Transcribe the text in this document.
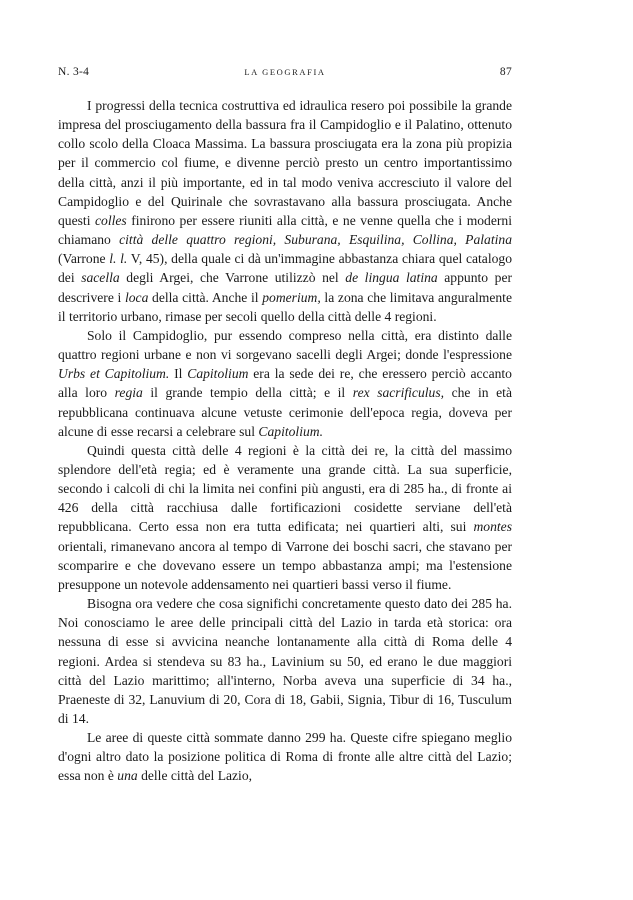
N. 3-4	LA GEOGRAFIA	87

I progressi della tecnica costruttiva ed idraulica resero poi possibile la grande impresa del prosciugamento della bassura fra il Campidoglio e il Palatino, ottenuto collo scolo della Cloaca Massima. La bassura prosciugata era la zona più propizia per il commercio col fiume, e divenne perciò presto un centro importantissimo della città, anzi il più importante, ed in tal modo veniva accresciuto il valore del Campidoglio e del Quirinale che sovrastavano alla bassura prosciugata. Anche questi colles finirono per essere riuniti alla città, e ne venne quella che i moderni chiamano città delle quattro regioni, Suburana, Esquilina, Collina, Palatina (Varrone l. l. V, 45), della quale ci dà un'immagine abbastanza chiara quel catalogo dei sacella degli Argei, che Varrone utilizzò nel de lingua latina appunto per descrivere i loca della città. Anche il pomerium, la zona che limitava anguralmente il territorio urbano, rimase per secoli quello della città delle 4 regioni.

Solo il Campidoglio, pur essendo compreso nella città, era distinto dalle quattro regioni urbane e non vi sorgevano sacelli degli Argei; donde l'espressione Urbs et Capitolium. Il Capitolium era la sede dei re, che eressero perciò accanto alla loro regia il grande tempio della città; e il rex sacrificulus, che in età repubblicana continuava alcune vetuste cerimonie dell'epoca regia, doveva per alcune di esse recarsi a celebrare sul Capitolium.

Quindi questa città delle 4 regioni è la città dei re, la città del massimo splendore dell'età regia; ed è veramente una grande città. La sua superficie, secondo i calcoli di chi la limita nei confini più angusti, era di 285 ha., di fronte ai 426 della città racchiusa dalle fortificazioni cosidette serviane dell'età repubblicana. Certo essa non era tutta edificata; nei quartieri alti, sui montes orientali, rimanevano ancora al tempo di Varrone dei boschi sacri, che stavano per scomparire e che dovevano essere un tempo abbastanza ampi; ma l'estensione presuppone un notevole addensamento nei quartieri bassi verso il fiume.

Bisogna ora vedere che cosa significhi concretamente questo dato dei 285 ha. Noi conosciamo le aree delle principali città del Lazio in tarda età storica: ora nessuna di esse si avvicina neanche lontanamente alla città di Roma delle 4 regioni. Ardea si stendeva su 83 ha., Lavinium su 50, ed erano le due maggiori città del Lazio marittimo; all'interno, Norba aveva una superficie di 34 ha., Praeneste di 32, Lanuvium di 20, Cora di 18, Gabii, Signia, Tibur di 16, Tusculum di 14.

Le aree di queste città sommate danno 299 ha. Queste cifre spiegano meglio d'ogni altro dato la posizione politica di Roma di fronte alle altre città del Lazio; essa non è una delle città del Lazio,
